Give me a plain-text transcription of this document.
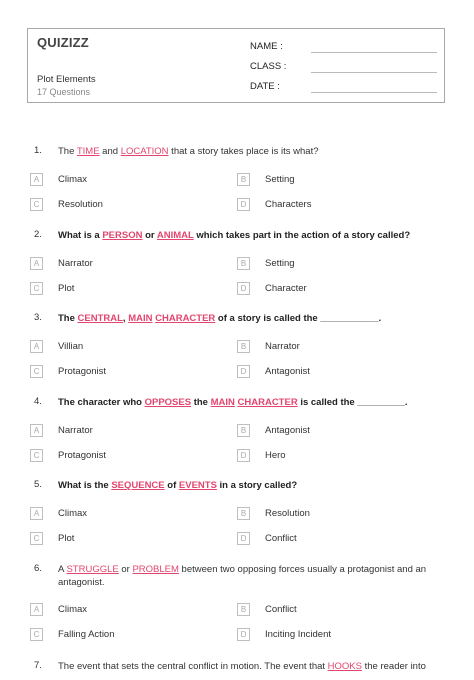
QUIZIZZ
Plot Elements
17 Questions
NAME :
CLASS :
DATE :
1. The TIME and LOCATION that a story takes place is its what?
A	Climax	B	Setting
C	Resolution	D	Characters
2. What is a PERSON or ANIMAL which takes part in the action of a story called?
A	Narrator	B	Setting
C	Plot	D	Character
3. The CENTRAL, MAIN CHARACTER of a story is called the ___________.
A	Villian	B	Narrator
C	Protagonist	D	Antagonist
4. The character who OPPOSES the MAIN CHARACTER is called the _________.
A	Narrator	B	Antagonist
C	Protagonist	D	Hero
5. What is the SEQUENCE of EVENTS in a story called?
A	Climax	B	Resolution
C	Plot	D	Conflict
6. A STRUGGLE or PROBLEM between two opposing forces usually a protagonist and an antagonist.
A	Climax	B	Conflict
C	Falling Action	D	Inciting Incident
7. The event that sets the central conflict in motion. The event that HOOKS the reader into
